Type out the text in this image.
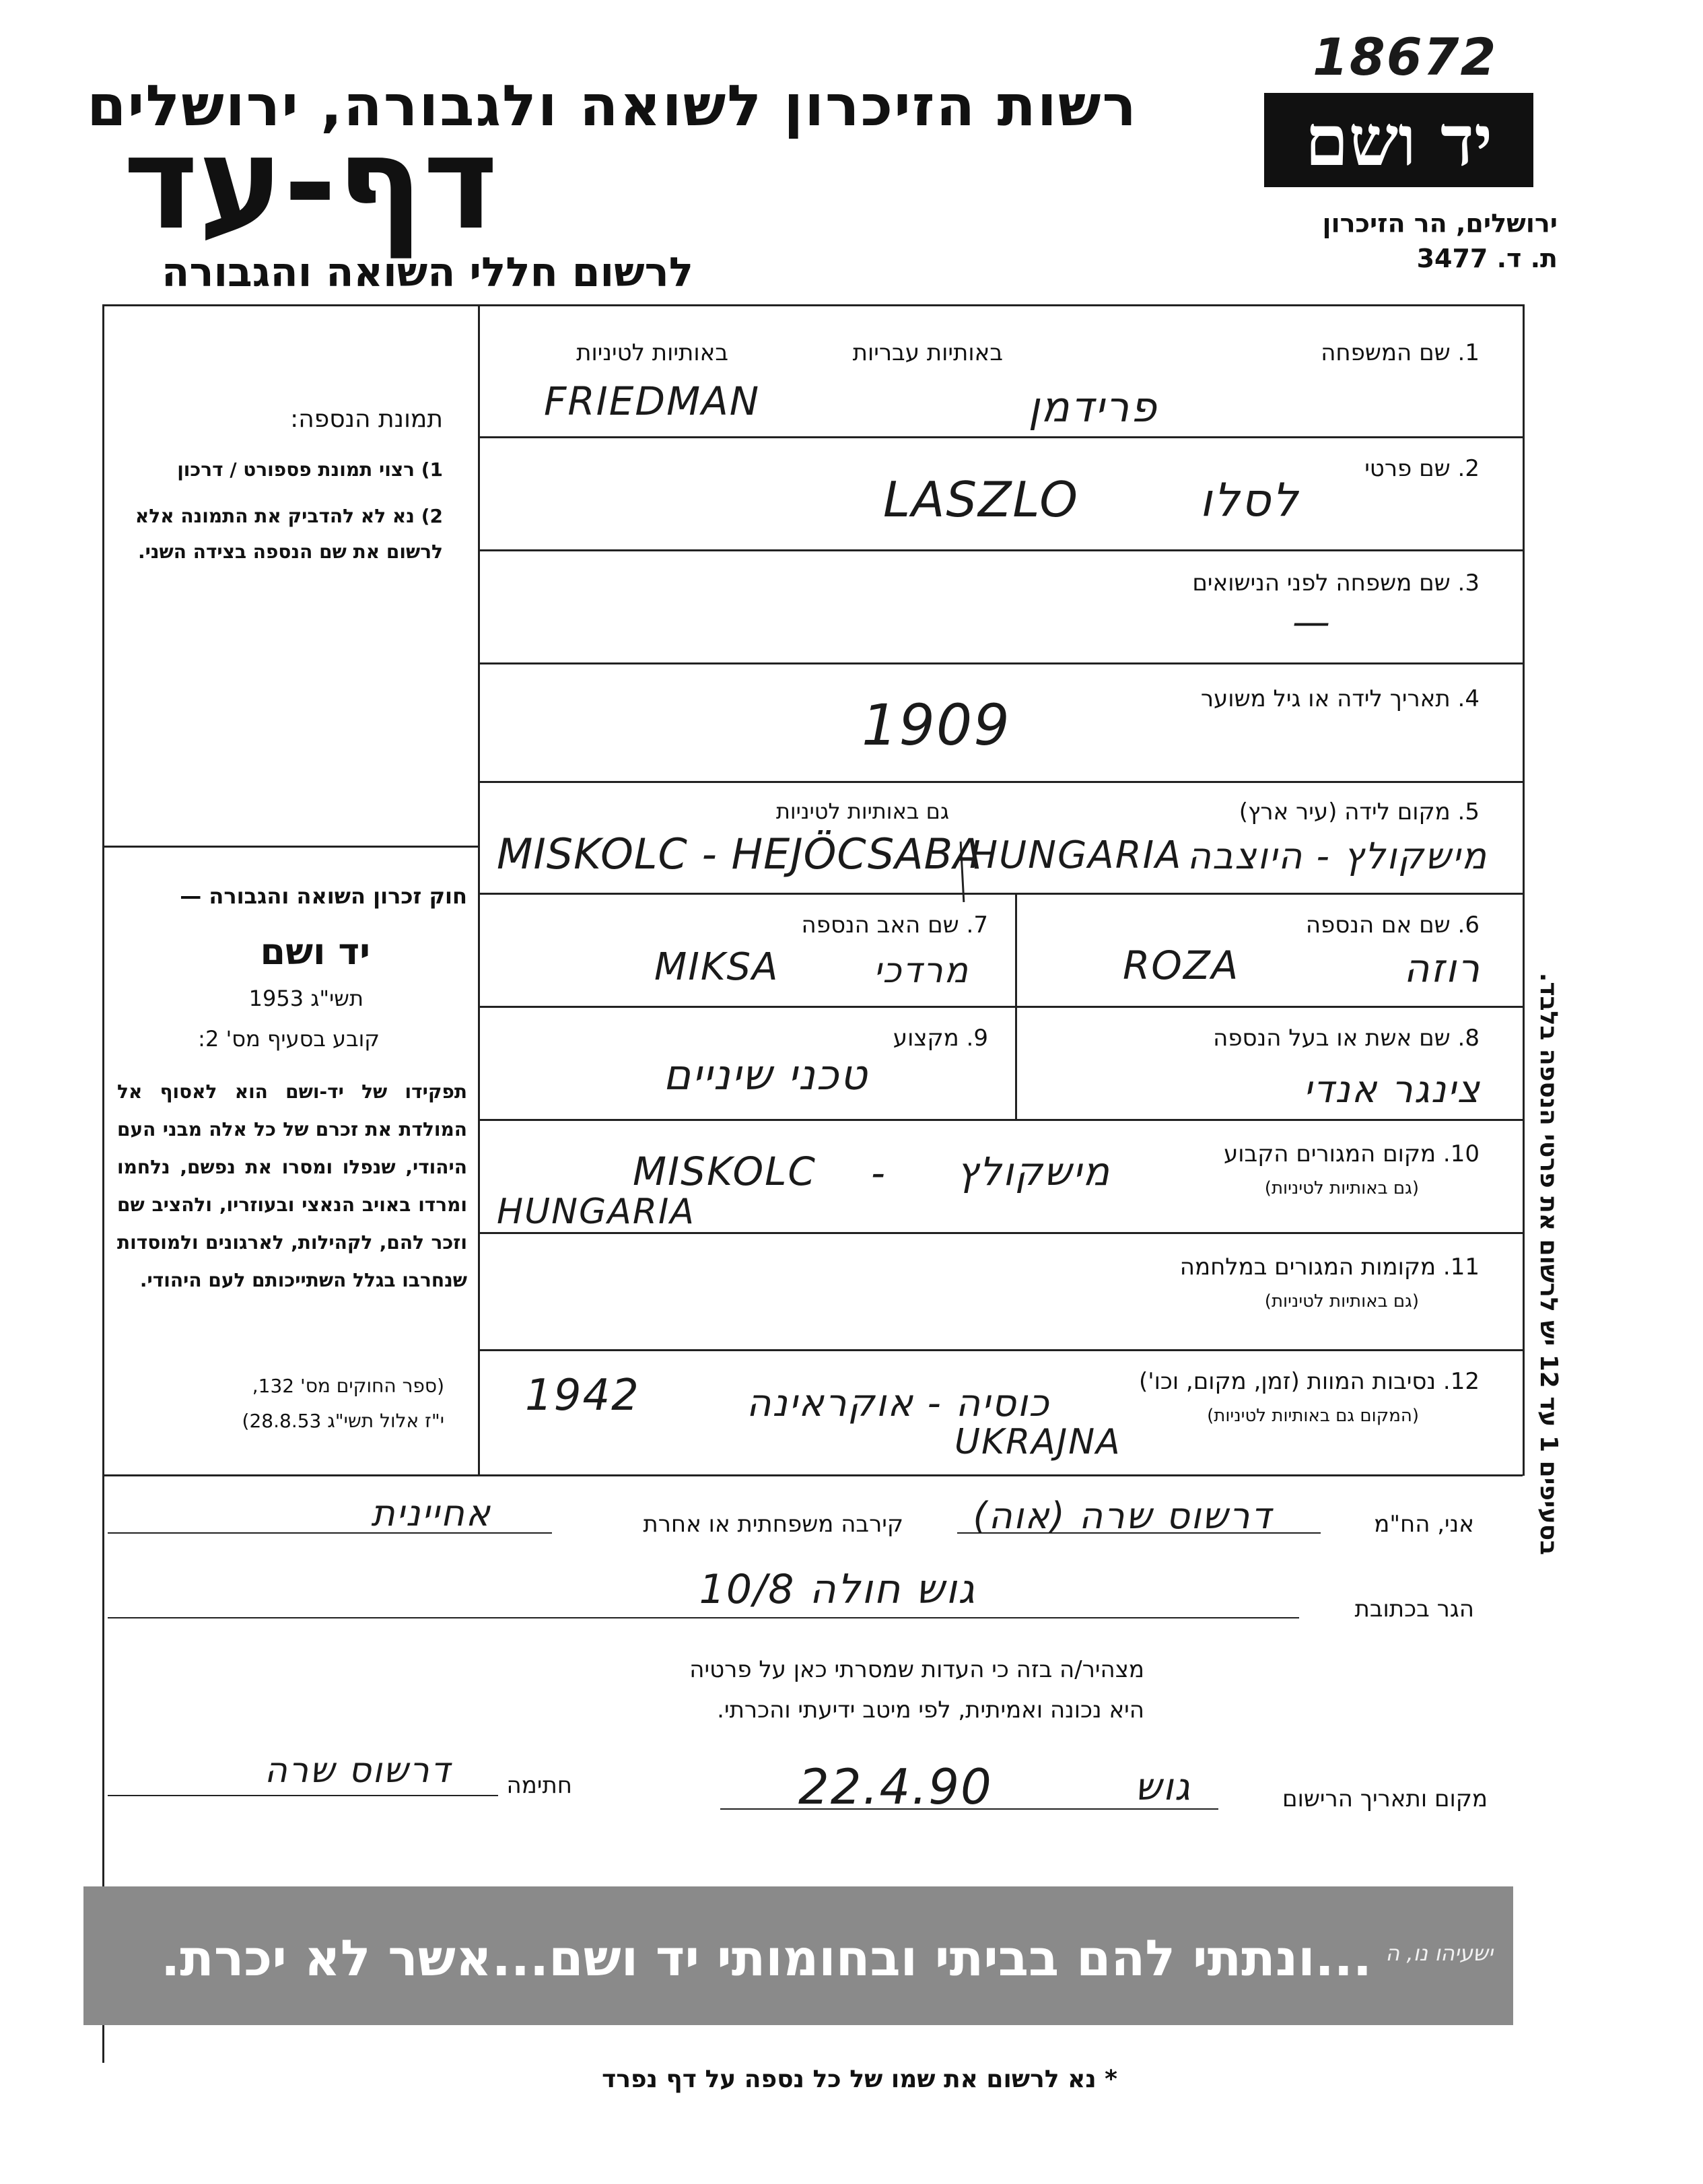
18672
רשות הזיכרון לשואה ולגבורה, ירושלים
דף-עד
לרשום חללי השואה והגבורה
יד ושם
ירושלים, הר הזיכרון
ת. ד. 3477
תמונת הנספה:
1) רצוי תמונת פספורט / דרכון
2) נא לא להדביק את התמונה אלא לרשום את שם הנספה בצידה השני.
חוק זכרון השואה והגבורה —
יד ושם
תשי"ג 1953
קובע בסעיף מס' 2:
תפקידו של יד-ושם הוא לאסוף אל המולדת את זכרם של כל אלה מבני העם היהודי, שנפלו ומסרו את נפשם, נלחמו ומרדו באויב הנאצי ובעוזריו, ולהציב שם וזכר להם, לקהילות, לארגונים ולמוסדות שנחרבו בגלל השתייכותם לעם היהודי.
(ספר החוקים מס' 132,
י"ז אלול תשי"ג 28.8.53)
1. שם המשפחה
באותיות עבריות
באותיות לטיניות
FRIEDMAN	פרידמן
2. שם פרטי
LASZLO	לסלו
3. שם משפחה לפני הנישואים
—
4. תאריך לידה או גיל משוער
1909
5. מקום לידה (עיר ארץ)
גם באותיות לטיניות
MISKOLC - HEJÖCSABA
HUNGARIA מישקולץ - היוצבה
6. שם אם הנספה
ROZA	רוזה
7. שם האב הנספה
MIKSA	מרדכי
8. שם אשת או בעל הנספה
צינגר אנדי
9. מקצוע
טכני שיניים
10. מקום המגורים הקבוע
(גם באותיות לטיניות)
MISKOLC - מישקולץ
HUNGARIA
11. מקומות המגורים במלחמה
(גם באותיות לטיניות)
12. נסיבות המוות (זמן, מקום, וכו')
(המקום גם באותיות לטיניות)
1942	כוסיה - אוקראינה
UKRAJNA
בסעיפים 1 עד 12 יש לרשום את פרטי הנספה בלבד.
אני, הח"מ
דרשוס שרה (אוה)
קירבה משפחתית או אחרת
אחיינית
הגר בכתובת
גוש חולה 10/8
מצהיר/ה בזה כי העדות שמסרתי כאן על פרטיה
היא נכונה ואמיתית, לפי מיטב ידיעתי והכרתי.
חתימה
דרשוס שרה
מקום ותאריך הרישום
22.4.90	גוש
...ונתתי להם בביתי ובחומותי יד ושם...אשר לא יכרת. ישעיהו נו, ה
* נא לרשום את שמו של כל נספה על דף נפרד
